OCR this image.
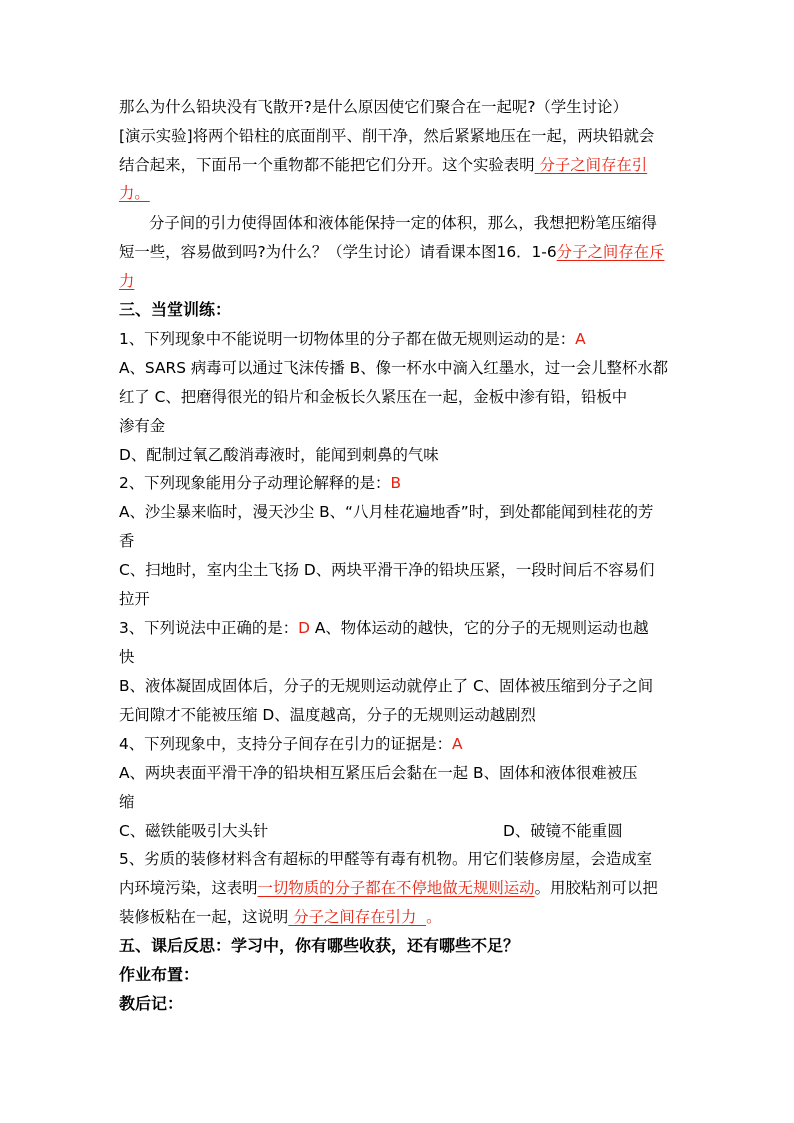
那么为什么铅块没有飞散开?是什么原因使它们聚合在一起呢?（学生讨论）
[演示实验]将两个铅柱的底面削平、削干净，然后紧紧地压在一起，两块铅就会
结合起来，下面吊一个重物都不能把它们分开。这个实验表明 分子之间存在引
力。
分子间的引力使得固体和液体能保持一定的体积，那么，我想把粉笔压缩得
短一些，容易做到吗?为什么？（学生讨论）请看课本图16．1-6分子之间存在斥
力
三、当堂训练：
1、下列现象中不能说明一切物体里的分子都在做无规则运动的是：A
A、SARS 病毒可以通过飞沫传播 B、像一杯水中滴入红墨水，过一会儿整杯水都
红了 C、把磨得很光的铅片和金板长久紧压在一起，金板中渗有铅，铅板中
渗有金
D、配制过氧乙酸消毒液时，能闻到刺鼻的气味
2、下列现象能用分子动理论解释的是：B
A、沙尘暴来临时，漫天沙尘 B、“八月桂花遍地香”时，到处都能闻到桂花的芳
香
C、扫地时，室内尘土飞扬 D、两块平滑干净的铅块压紧，一段时间后不容易们
拉开
3、下列说法中正确的是：D A、物体运动的越快，它的分子的无规则运动也越
快
B、液体凝固成固体后，分子的无规则运动就停止了 C、固体被压缩到分子之间
无间隙才不能被压缩 D、温度越高，分子的无规则运动越剧烈
4、下列现象中，支持分子间存在引力的证据是：A
A、两块表面平滑干净的铅块相互紧压后会黏在一起 B、固体和液体很难被压
缩
C、磁铁能吸引大头针	D、破镜不能重圆
5、劣质的装修材料含有超标的甲醛等有毒有机物。用它们装修房屋，会造成室
内环境污染，这表明一切物质的分子都在不停地做无规则运动。用胶粘剂可以把
装修板粘在一起，这说明 分子之间存在引力  。
五、课后反思：学习中，你有哪些收获，还有哪些不足？
作业布置：
教后记：
